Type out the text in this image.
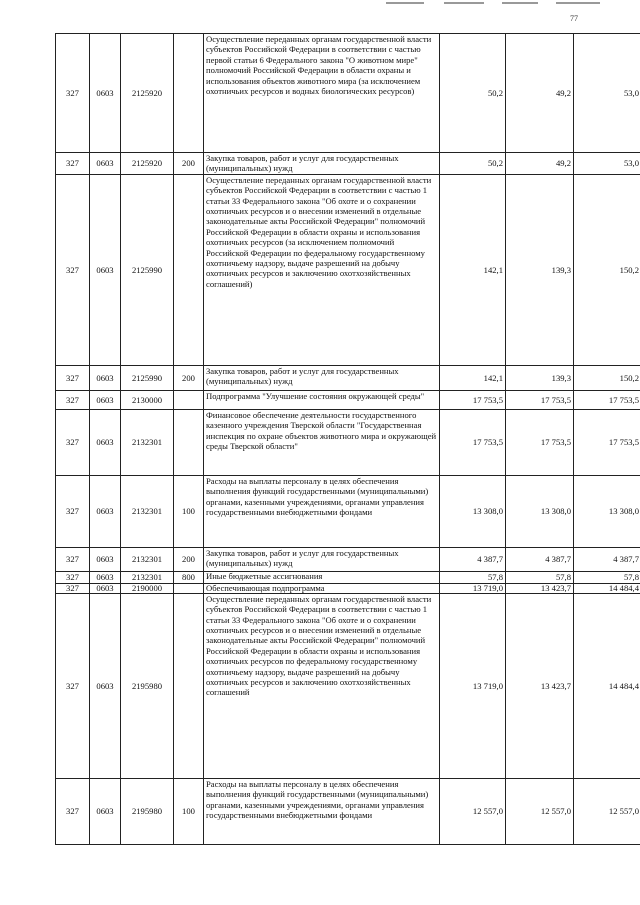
77
327	0603	2125920		Осуществление переданных органам государственной власти субъектов Российской Федерации в соответствии с частью первой статьи 6 Федерального закона "О животном мире" полномочий Российской Федерации в области охраны и использования объектов животного мира (за исключением охотничьих ресурсов и водных биологических ресурсов)	50,2	49,2	53,0
327	0603	2125920	200	Закупка товаров, работ и услуг для государственных (муниципальных) нужд	50,2	49,2	53,0
327	0603	2125990		Осуществление переданных органам государственной власти субъектов Российской Федерации в соответствии с частью 1 статьи 33 Федерального закона "Об охоте и о сохранении охотничьих ресурсов и о внесении изменений в отдельные законодательные акты Российской Федерации" полномочий Российской Федерации в области охраны и использования охотничьих ресурсов (за исключением полномочий Российской Федерации по федеральному государственному охотничьему надзору, выдаче разрешений на добычу охотничьих ресурсов и заключению охотхозяйственных соглашений)	142,1	139,3	150,2
327	0603	2125990	200	Закупка товаров, работ и услуг для государственных (муниципальных) нужд	142,1	139,3	150,2
327	0603	2130000		Подпрограмма "Улучшение состояния окружающей среды"	17 753,5	17 753,5	17 753,5
327	0603	2132301		Финансовое обеспечение деятельности государственного казенного учреждения Тверской области "Государственная инспекция по охране объектов животного мира и окружающей среды Тверской области"	17 753,5	17 753,5	17 753,5
327	0603	2132301	100	Расходы на выплаты персоналу в целях обеспечения выполнения функций государственными (муниципальными) органами, казенными учреждениями, органами управления государственными внебюджетными фондами	13 308,0	13 308,0	13 308,0
327	0603	2132301	200	Закупка товаров, работ и услуг для государственных (муниципальных) нужд	4 387,7	4 387,7	4 387,7
327	0603	2132301	800	Иные бюджетные ассигнования	57,8	57,8	57,8
327	0603	2190000		Обеспечивающая подпрограмма	13 719,0	13 423,7	14 484,4
327	0603	2195980		Осуществление переданных органам государственной власти субъектов Российской Федерации в соответствии с частью 1 статьи 33 Федерального закона "Об охоте и о сохранении охотничьих ресурсов и о внесении изменений в отдельные законодательные акты Российской Федерации" полномочий Российской Федерации в области охраны и использования охотничьих ресурсов по федеральному государственному охотничьему надзору, выдаче разрешений на добычу охотничьих ресурсов и заключению охотхозяйственных соглашений	13 719,0	13 423,7	14 484,4
327	0603	2195980	100	Расходы на выплаты персоналу в целях обеспечения выполнения функций государственными (муниципальными) органами, казенными учреждениями, органами управления государственными внебюджетными фондами	12 557,0	12 557,0	12 557,0
